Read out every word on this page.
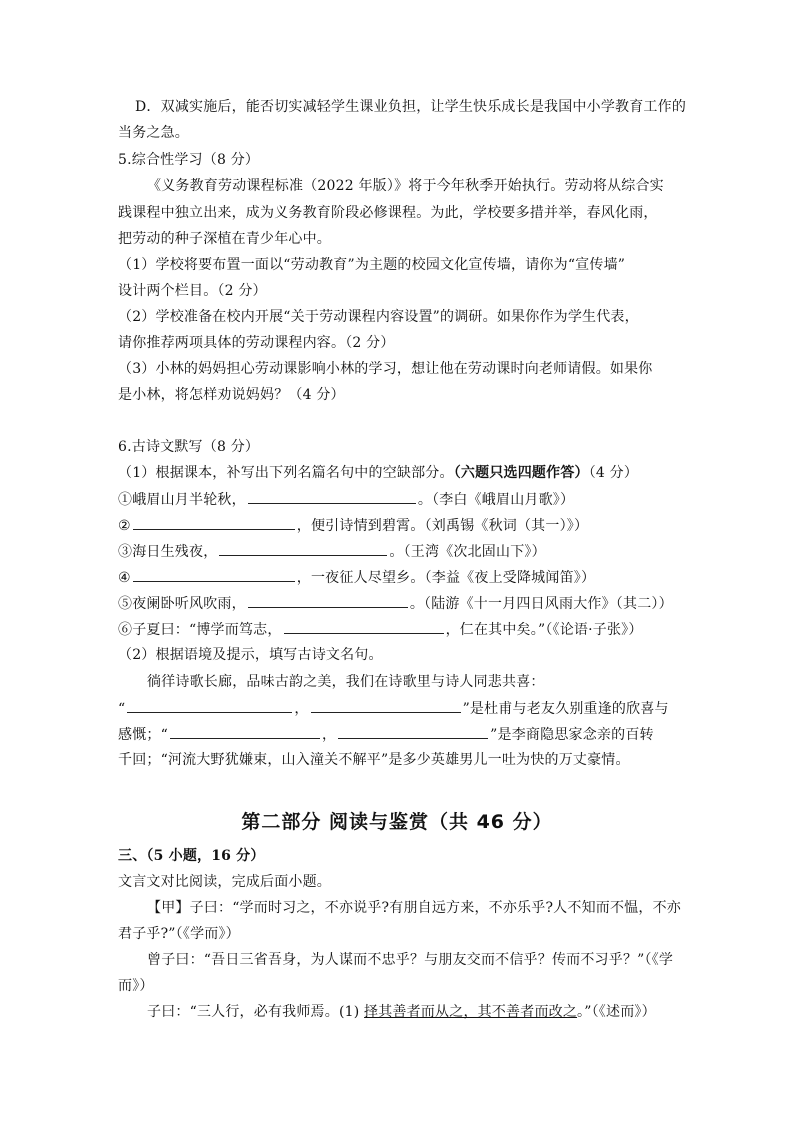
D．双减实施后，能否切实减轻学生课业负担，让学生快乐成长是我国中小学教育工作的
当务之急。
5.综合性学习（8 分）
《义务教育劳动课程标准（2022 年版）》将于今年秋季开始执行。劳动将从综合实
践课程中独立出来，成为义务教育阶段必修课程。为此，学校要多措并举，春风化雨，
把劳动的种子深植在青少年心中。
（1）学校将要布置一面以“劳动教育”为主题的校园文化宣传墙，请你为“宣传墙”
设计两个栏目。（2 分）
（2）学校准备在校内开展“关于劳动课程内容设置”的调研。如果你作为学生代表，
请你推荐两项具体的劳动课程内容。（2 分）
（3）小林的妈妈担心劳动课影响小林的学习，想让他在劳动课时向老师请假。如果你
是小林，将怎样劝说妈妈？（4 分）
6.古诗文默写（8 分）
（1）根据课本，补写出下列名篇名句中的空缺部分。（六题只选四题作答）（4 分）
①峨眉山月半轮秋，	。（李白《峨眉山月歌》）
②	，便引诗情到碧霄。（刘禹锡《秋词（其一）》）
③海日生残夜，	。（王湾《次北固山下》）
④	，一夜征人尽望乡。（李益《夜上受降城闻笛》）
⑤夜阑卧听风吹雨，	。（陆游《十一月四日风雨大作》（其二））
⑥子夏曰：“博学而笃志，	，仁在其中矣。”（《论语·子张》）
（2）根据语境及提示，填写古诗文名句。
徜徉诗歌长廊，品味古韵之美，我们在诗歌里与诗人同悲共喜：
“	，	”是杜甫与老友久别重逢的欣喜与
感慨；“	，	”是李商隐思家念亲的百转
千回；“河流大野犹嫌束，山入潼关不解平”是多少英雄男儿一吐为快的万丈豪情。
第二部分 阅读与鉴赏（共 46 分）
三、（5 小题，16 分）
文言文对比阅读，完成后面小题。
【甲】子曰：“学而时习之，不亦说乎?有朋自远方来，不亦乐乎?人不知而不愠，不亦
君子乎?”（《学而》）
曾子曰：“吾日三省吾身，为人谋而不忠乎？与朋友交而不信乎？传而不习乎？”（《学
而》）
子曰：“三人行，必有我师焉。(1) 择其善者而从之，其不善者而改之。”（《述而》）
